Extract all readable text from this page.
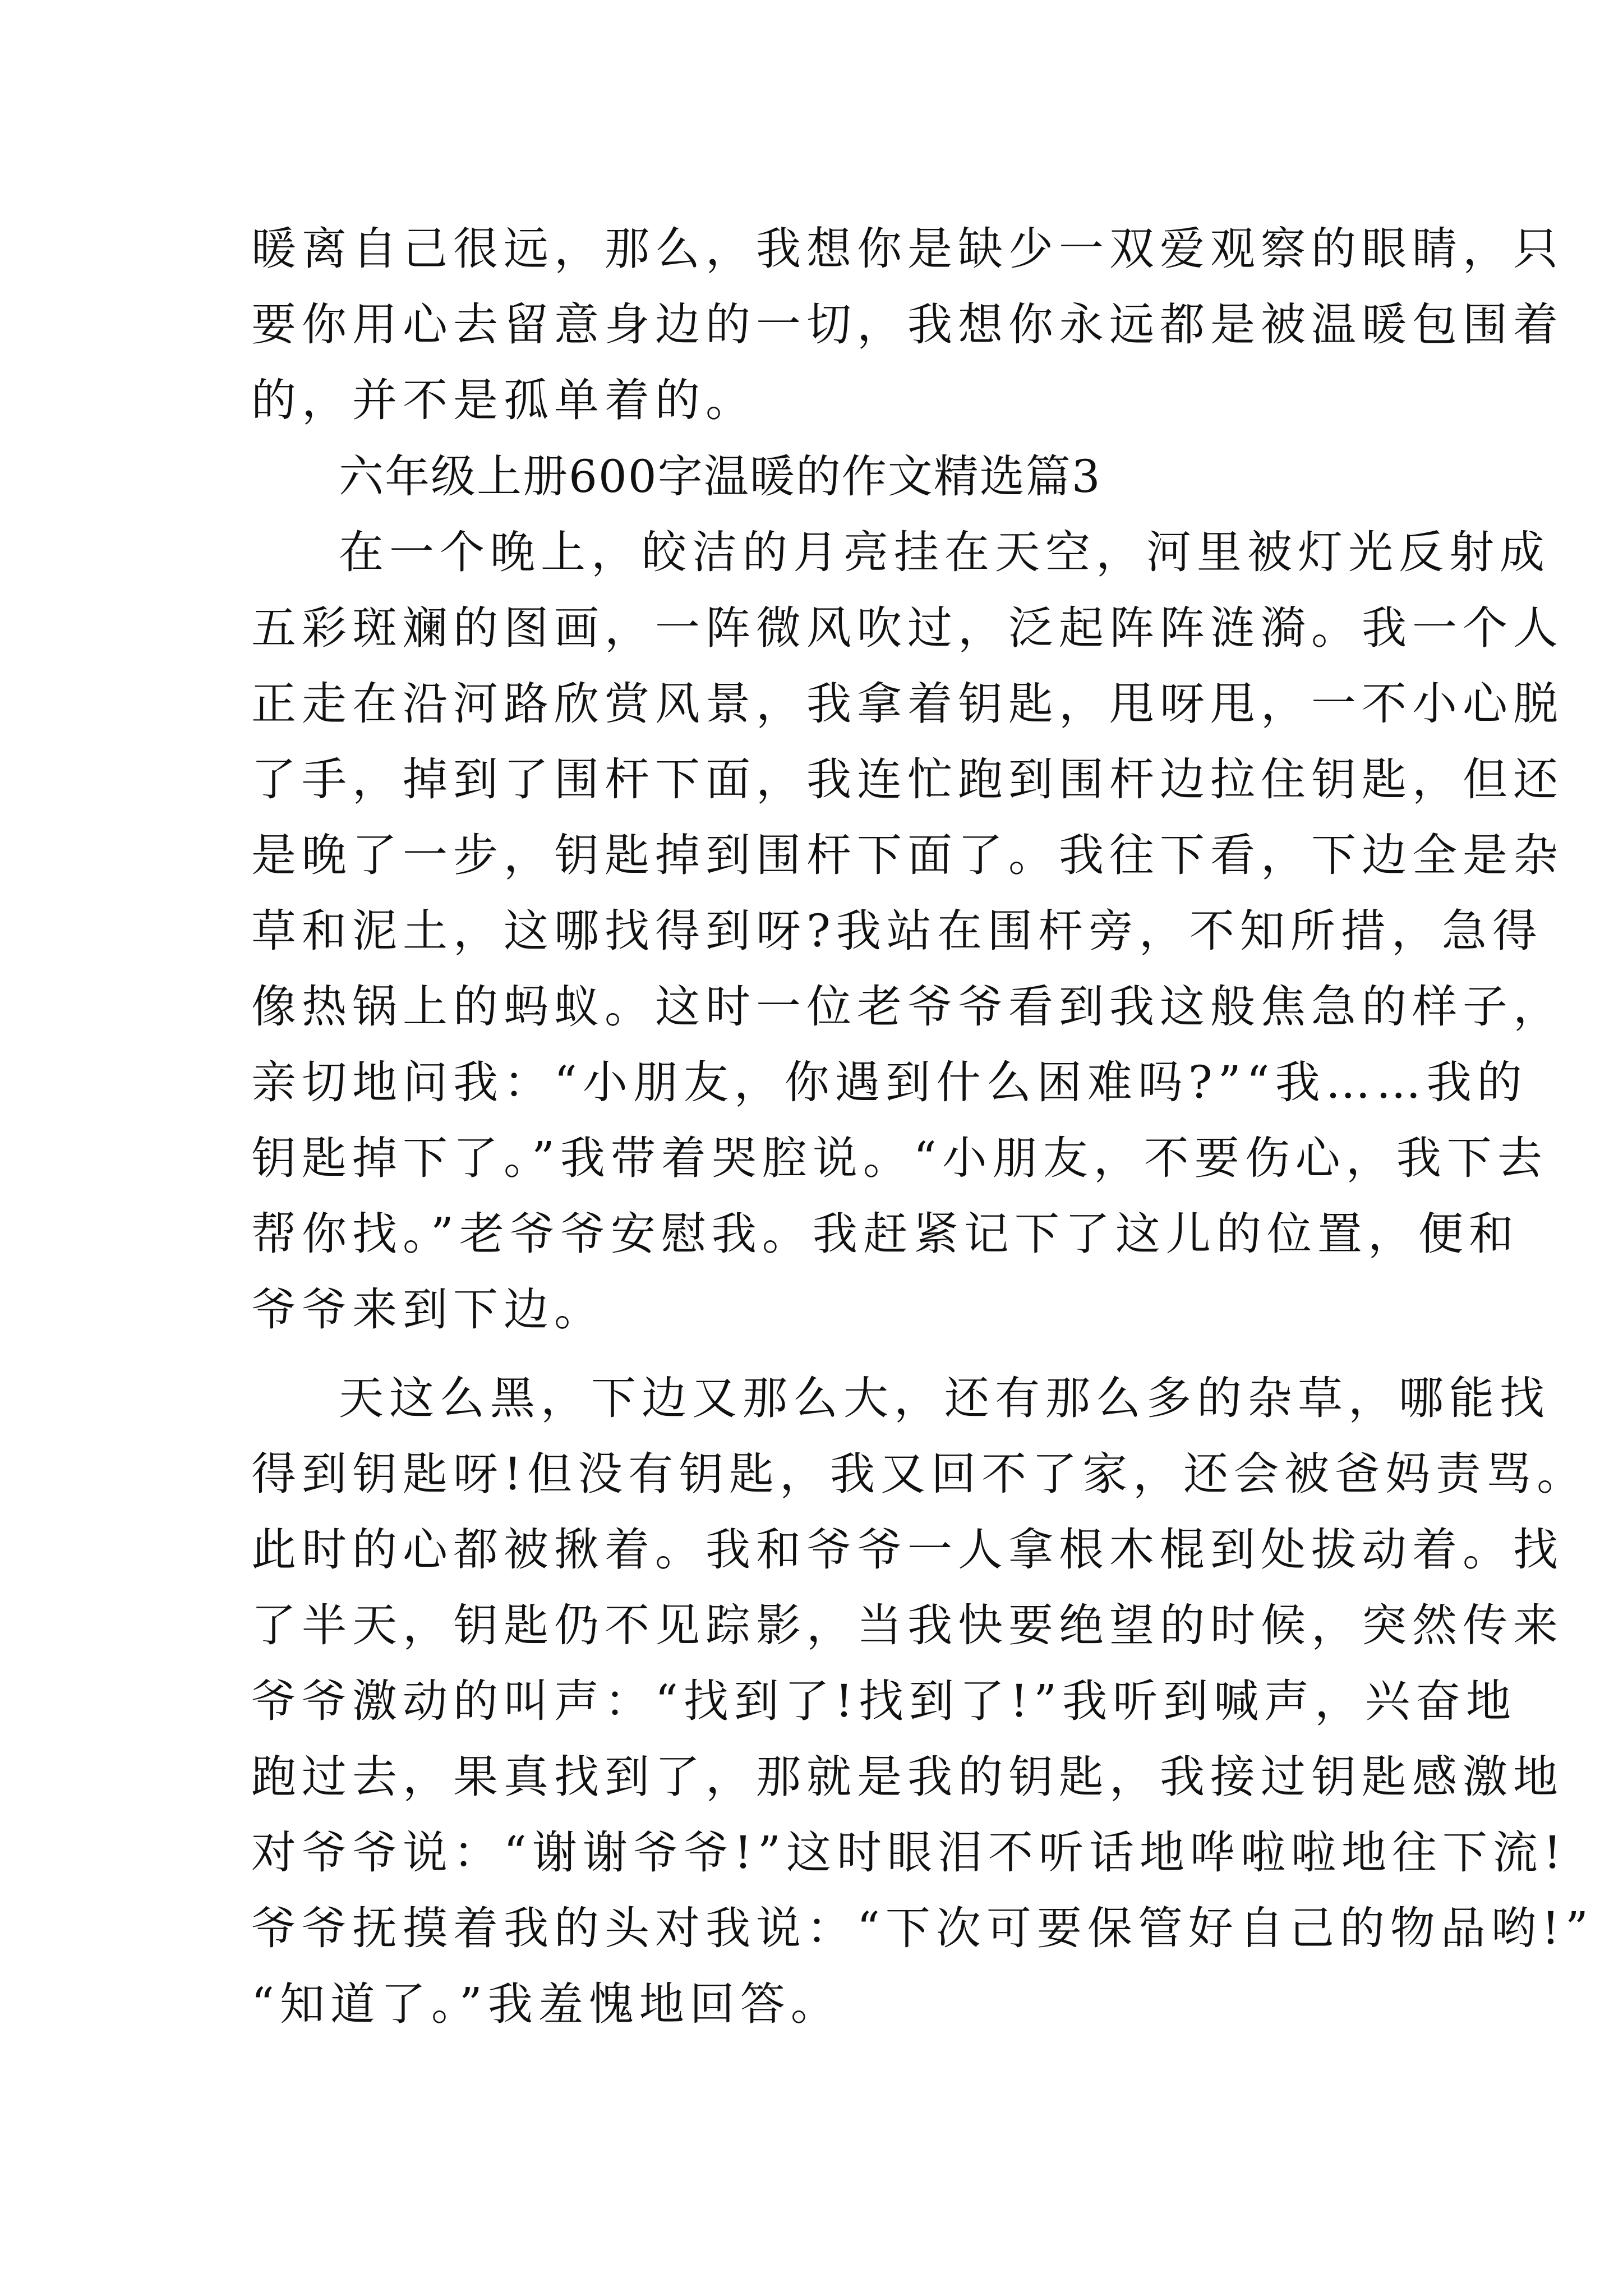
暖离自己很远，那么，我想你是缺少一双爱观察的眼睛，只
要你用心去留意身边的一切，我想你永远都是被温暖包围着
的，并不是孤单着的。
六年级上册600字温暖的作文精选篇3
在一个晚上，皎洁的月亮挂在天空，河里被灯光反射成
五彩斑斓的图画，一阵微风吹过，泛起阵阵涟漪。我一个人
正走在沿河路欣赏风景，我拿着钥匙，甩呀甩，一不小心脱
了手，掉到了围杆下面，我连忙跑到围杆边拉住钥匙，但还
是晚了一步，钥匙掉到围杆下面了。我往下看，下边全是杂
草和泥土，这哪找得到呀?我站在围杆旁，不知所措，急得
像热锅上的蚂蚁。这时一位老爷爷看到我这般焦急的样子，
亲切地问我：“小朋友，你遇到什么困难吗?”“我……我的
钥匙掉下了。”我带着哭腔说。“小朋友，不要伤心，我下去
帮你找。”老爷爷安慰我。我赶紧记下了这儿的位置，便和
爷爷来到下边。
天这么黑，下边又那么大，还有那么多的杂草，哪能找
得到钥匙呀!但没有钥匙，我又回不了家，还会被爸妈责骂。
此时的心都被揪着。我和爷爷一人拿根木棍到处拔动着。找
了半天，钥匙仍不见踪影，当我快要绝望的时候，突然传来
爷爷激动的叫声：“找到了!找到了!”我听到喊声，兴奋地
跑过去，果真找到了，那就是我的钥匙，我接过钥匙感激地
对爷爷说：“谢谢爷爷!”这时眼泪不听话地哗啦啦地往下流!
爷爷抚摸着我的头对我说：“下次可要保管好自己的物品哟!”
“知道了。”我羞愧地回答。
